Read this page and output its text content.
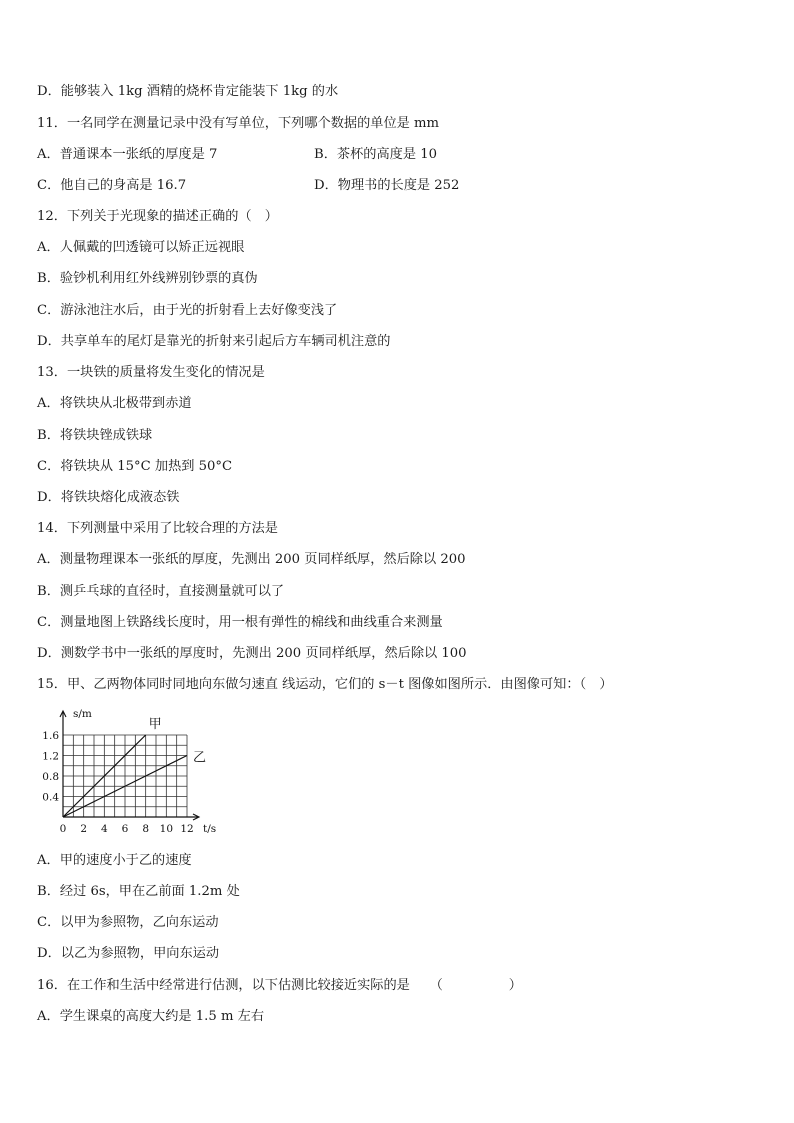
D．能够装入 1kg 酒精的烧杯肯定能装下 1kg 的水
11．一名同学在测量记录中没有写单位，下列哪个数据的单位是 mm
A．普通课本一张纸的厚度是 7	B．茶杯的高度是 10
C．他自己的身高是 16.7	D．物理书的长度是 252
12．下列关于光现象的描述正确的（　）
A．人佩戴的凹透镜可以矫正远视眼
B．验钞机利用红外线辨别钞票的真伪
C．游泳池注水后，由于光的折射看上去好像变浅了
D．共享单车的尾灯是靠光的折射来引起后方车辆司机注意的
13．一块铁的质量将发生变化的情况是
A．将铁块从北极带到赤道
B．将铁块锉成铁球
C．将铁块从 15°C 加热到 50°C
D．将铁块熔化成液态铁
14．下列测量中采用了比较合理的方法是
A．测量物理课本一张纸的厚度，先测出 200 页同样纸厚，然后除以 200
B．测乒乓球的直径时，直接测量就可以了
C．测量地图上铁路线长度时，用一根有弹性的棉线和曲线重合来测量
D．测数学书中一张纸的厚度时，先测出 200 页同样纸厚，然后除以 100
15．甲、乙两物体同时同地向东做匀速直 线运动，它们的 s－t 图像如图所示．由图像可知：（　）
0 2 4 6 8 10 12
0.4
0.8
1.2
1.6
甲
乙
s/m
t/s
A．甲的速度小于乙的速度
B．经过 6s，甲在乙前面 1.2m 处
C．以甲为参照物，乙向东运动
D．以乙为参照物，甲向东运动
16．在工作和生活中经常进行估测，以下估测比较接近实际的是　　（　　　　　）
A．学生课桌的高度大约是 1.5 m 左右
